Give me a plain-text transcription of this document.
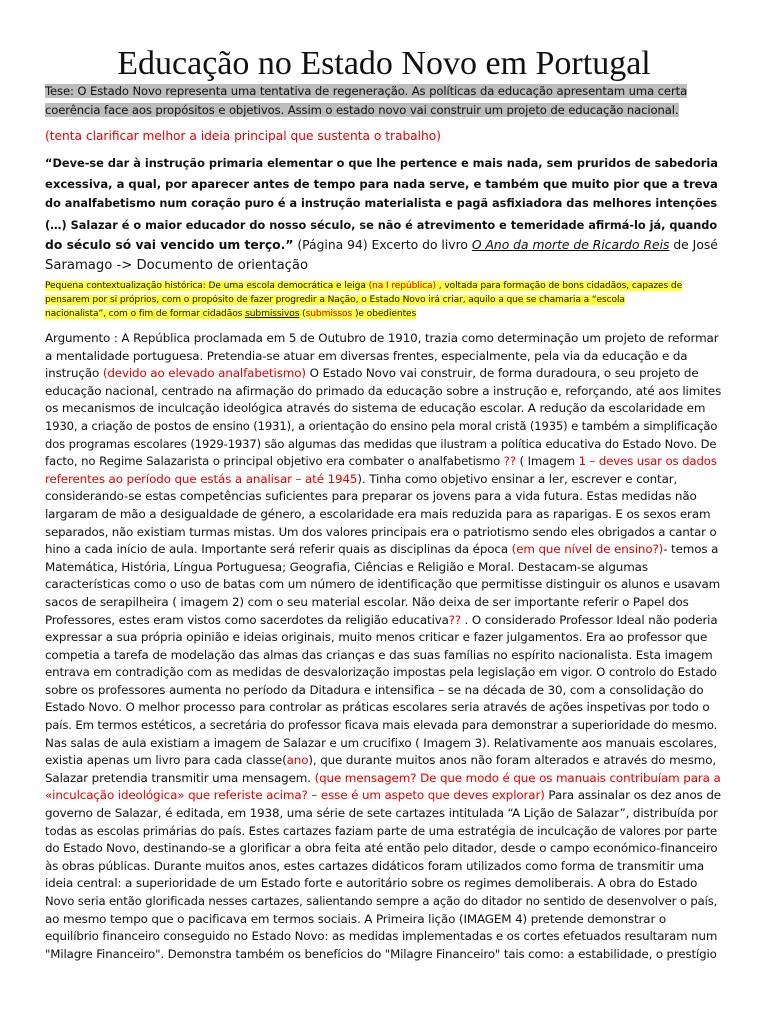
Educação no Estado Novo em Portugal
Tese: O Estado Novo representa uma tentativa de regeneração. As políticas da educação apresentam uma certa
coerência face aos propósitos e objetivos. Assim o estado novo vai construir um projeto de educação nacional.
(tenta clarificar melhor a ideia principal que sustenta o trabalho)
“Deve-se dar à instrução primaria elementar o que lhe pertence e mais nada, sem pruridos de sabedoria
excessiva, a qual, por aparecer antes de tempo para nada serve, e também que muito pior que a treva
do analfabetismo num coração puro é a instrução materialista e pagã asfixiadora das melhores intenções
(…) Salazar é o maior educador do nosso século, se não é atrevimento e temeridade afirmá-lo já, quando
do século só vai vencido um terço.” (Página 94) Excerto do livro O Ano da morte de Ricardo Reis de José
Saramago -> Documento de orientação
Pequena contextualização histórica: De uma escola democrática e leiga (na I república) , voltada para formação de bons cidadãos, capazes de
pensarem por si próprios, com o propósito de fazer progredir a Nação, o Estado Novo irá criar, aquilo a que se chamaria a “escola
nacionalista”, com o fim de formar cidadãos submissivos (submissos )e obedientes
Argumento : A República proclamada em 5 de Outubro de 1910, trazia como determinação um projeto de reformar
a mentalidade portuguesa. Pretendia-se atuar em diversas frentes, especialmente, pela via da educação e da
instrução (devido ao elevado analfabetismo) O Estado Novo vai construir, de forma duradoura, o seu projeto de
educação nacional, centrado na afirmação do primado da educação sobre a instrução e, reforçando, até aos limites
os mecanismos de inculcação ideológica através do sistema de educação escolar. A redução da escolaridade em
1930, a criação de postos de ensino (1931), a orientação do ensino pela moral cristã (1935) e também a simplificação
dos programas escolares (1929-1937) são algumas das medidas que ilustram a política educativa do Estado Novo. De
facto, no Regime Salazarista o principal objetivo era combater o analfabetismo ?? ( Imagem 1 – deves usar os dados
referentes ao período que estás a analisar – até 1945). Tinha como objetivo ensinar a ler, escrever e contar,
considerando-se estas competências suficientes para preparar os jovens para a vida futura. Estas medidas não
largaram de mão a desigualdade de género, a escolaridade era mais reduzida para as raparigas. E os sexos eram
separados, não existiam turmas mistas. Um dos valores principais era o patriotismo sendo eles obrigados a cantar o
hino a cada início de aula. Importante será referir quais as disciplinas da época (em que nível de ensino?)- temos a
Matemática, História, Língua Portuguesa; Geografia, Ciências e Religião e Moral. Destacam-se algumas
características como o uso de batas com um número de identificação que permitisse distinguir os alunos e usavam
sacos de serapilheira ( imagem 2) com o seu material escolar. Não deixa de ser importante referir o Papel dos
Professores, estes eram vistos como sacerdotes da religião educativa?? . O considerado Professor Ideal não poderia
expressar a sua própria opinião e ideias originais, muito menos criticar e fazer julgamentos. Era ao professor que
competia a tarefa de modelação das almas das crianças e das suas famílias no espírito nacionalista. Esta imagem
entrava em contradição com as medidas de desvalorização impostas pela legislação em vigor. O controlo do Estado
sobre os professores aumenta no período da Ditadura e intensifica – se na década de 30, com a consolidação do
Estado Novo. O melhor processo para controlar as práticas escolares seria através de ações inspetivas por todo o
país. Em termos estéticos, a secretária do professor ficava mais elevada para demonstrar a superioridade do mesmo.
Nas salas de aula existiam a imagem de Salazar e um crucifixo ( Imagem 3). Relativamente aos manuais escolares,
existia apenas um livro para cada classe(ano), que durante muitos anos não foram alterados e através do mesmo,
Salazar pretendia transmitir uma mensagem. (que mensagem? De que modo é que os manuais contribuíam para a
«inculcação ideológica» que referiste acima? – esse é um aspeto que deves explorar) Para assinalar os dez anos de
governo de Salazar, é editada, em 1938, uma série de sete cartazes intitulada “A Lição de Salazar”, distribuída por
todas as escolas primárias do país. Estes cartazes faziam parte de uma estratégia de inculcação de valores por parte
do Estado Novo, destinando-se a glorificar a obra feita até então pelo ditador, desde o campo económico-financeiro
às obras públicas. Durante muitos anos, estes cartazes didáticos foram utilizados como forma de transmitir uma
ideia central: a superioridade de um Estado forte e autoritário sobre os regimes demoliberais. A obra do Estado
Novo seria então glorificada nesses cartazes, salientando sempre a ação do ditador no sentido de desenvolver o país,
ao mesmo tempo que o pacificava em termos sociais. A Primeira lição (IMAGEM 4) pretende demonstrar o
equilíbrio financeiro conseguido no Estado Novo: as medidas implementadas e os cortes efetuados resultaram num
"Milagre Financeiro". Demonstra também os benefícios do "Milagre Financeiro" tais como: a estabilidade, o prestígio
